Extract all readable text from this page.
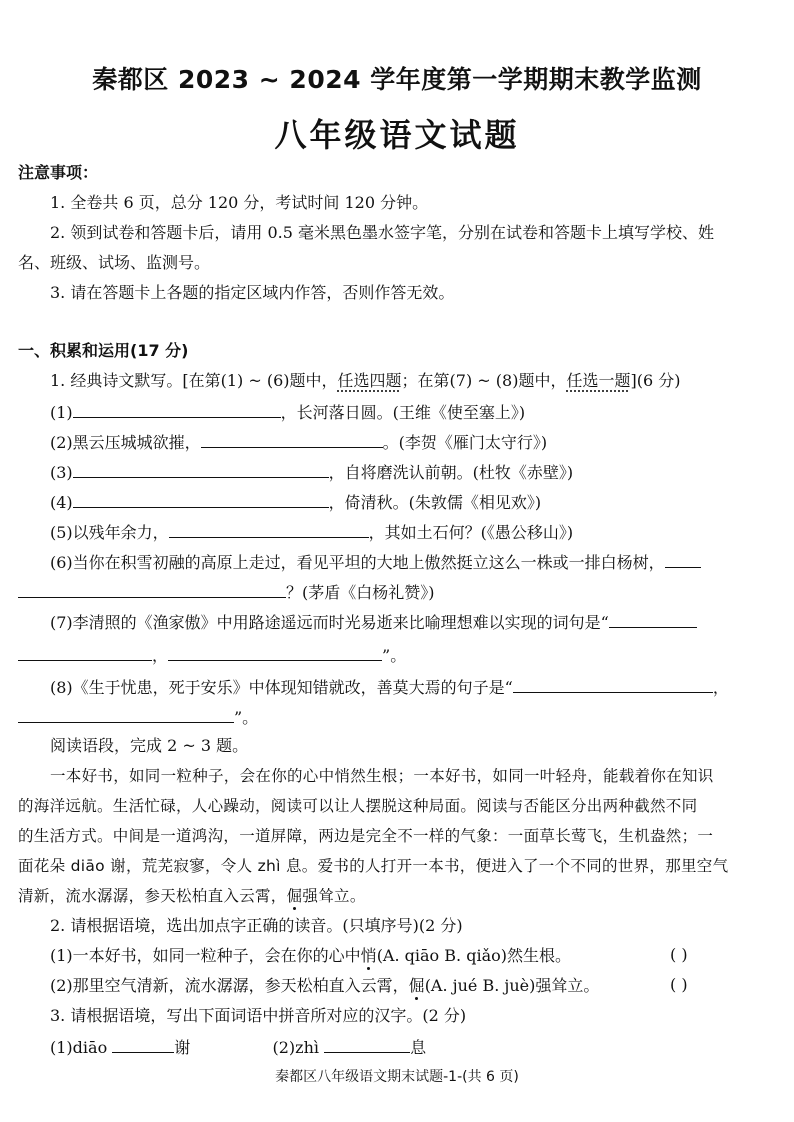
秦都区 2023 ~ 2024 学年度第一学期期末教学监测
八年级语文试题
注意事项：
1. 全卷共 6 页，总分 120 分，考试时间 120 分钟。
2. 领到试卷和答题卡后，请用 0.5 毫米黑色墨水签字笔，分别在试卷和答题卡上填写学校、姓
名、班级、试场、监测号。
3. 请在答题卡上各题的指定区域内作答，否则作答无效。
一、积累和运用(17 分)
1. 经典诗文默写。[在第(1) ~ (6)题中，任选四题；在第(7) ~ (8)题中，任选一题](6 分)
(1)	，长河落日圆。(王维《使至塞上》)
(2)黑云压城城欲摧，	。(李贺《雁门太守行》)
(3)	，自将磨洗认前朝。(杜牧《赤壁》)
(4)	，倚清秋。(朱敦儒《相见欢》)
(5)以残年余力，	，其如土石何？(《愚公移山》)
(6)当你在积雪初融的高原上走过，看见平坦的大地上傲然挺立这么一株或一排白杨树，
？(茅盾《白杨礼赞》)
(7)李清照的《渔家傲》中用路途遥远而时光易逝来比喻理想难以实现的词句是“
，	”。
(8)《生于忧患，死于安乐》中体现知错就改，善莫大焉的句子是“	，
”。
阅读语段，完成 2 ~ 3 题。
一本好书，如同一粒种子，会在你的心中悄然生根；一本好书，如同一叶轻舟，能载着你在知识
的海洋远航。生活忙碌，人心躁动，阅读可以让人摆脱这种局面。阅读与否能区分出两种截然不同
的生活方式。中间是一道鸿沟，一道屏障，两边是完全不一样的气象：一面草长莺飞，生机盎然；一
面花朵 diāo 谢，荒芜寂寥，令人 zhì 息。爱书的人打开一本书，便进入了一个不同的世界，那里空气
清新，流水潺潺，参天松柏直入云霄，倔强耸立。
2. 请根据语境，选出加点字正确的读音。(只填序号)(2 分)
(1)一本好书，如同一粒种子，会在你的心中悄(A. qiāo B. qiǎo)然生根。	( )
(2)那里空气清新，流水潺潺，参天松柏直入云霄，倔(A. jué B. juè)强耸立。	( )
3. 请根据语境，写出下面词语中拼音所对应的汉字。(2 分)
(1)diāo	谢	(2)zhì	息
秦都区八年级语文期末试题-1-(共 6 页)
